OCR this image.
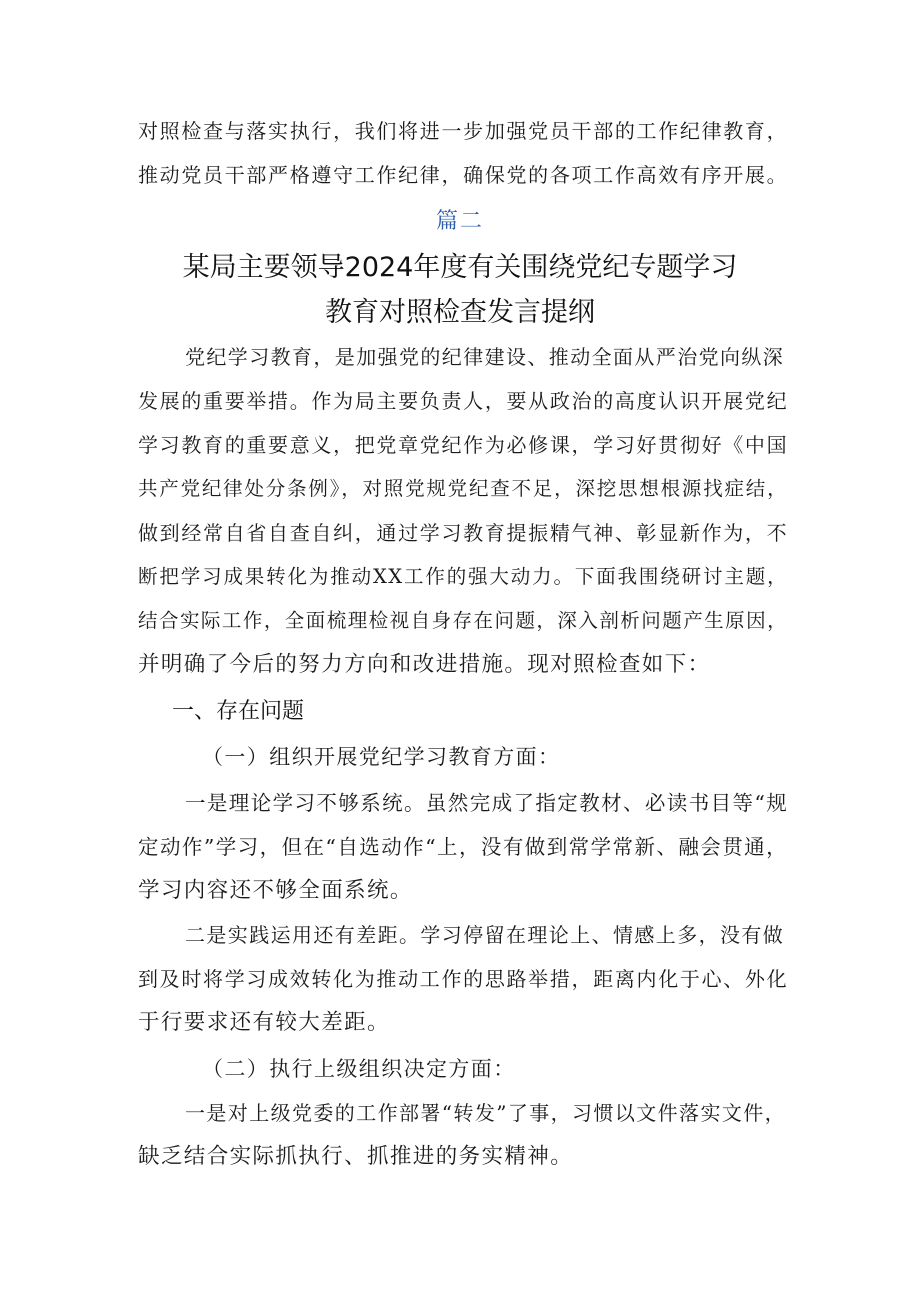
对照检查与落实执行，我们将进一步加强党员干部的工作纪律教育，
推动党员干部严格遵守工作纪律，确保党的各项工作高效有序开展。
篇二
某局主要领导2024年度有关围绕党纪专题学习
教育对照检查发言提纲
党纪学习教育，是加强党的纪律建设、推动全面从严治党向纵深
发展的重要举措。作为局主要负责人，要从政治的高度认识开展党纪
学习教育的重要意义，把党章党纪作为必修课，学习好贯彻好《中国
共产党纪律处分条例》，对照党规党纪查不足，深挖思想根源找症结，
做到经常自省自查自纠，通过学习教育提振精气神、彰显新作为，不
断把学习成果转化为推动XX工作的强大动力。下面我围绕研讨主题，
结合实际工作，全面梳理检视自身存在问题，深入剖析问题产生原因，
并明确了今后的努力方向和改进措施。现对照检查如下：
一、存在问题
（一）组织开展党纪学习教育方面：
一是理论学习不够系统。虽然完成了指定教材、必读书目等“规
定动作”学习，但在“自选动作“上，没有做到常学常新、融会贯通，
学习内容还不够全面系统。
二是实践运用还有差距。学习停留在理论上、情感上多，没有做
到及时将学习成效转化为推动工作的思路举措，距离内化于心、外化
于行要求还有较大差距。
（二）执行上级组织决定方面：
一是对上级党委的工作部署“转发”了事，习惯以文件落实文件，
缺乏结合实际抓执行、抓推进的务实精神。
